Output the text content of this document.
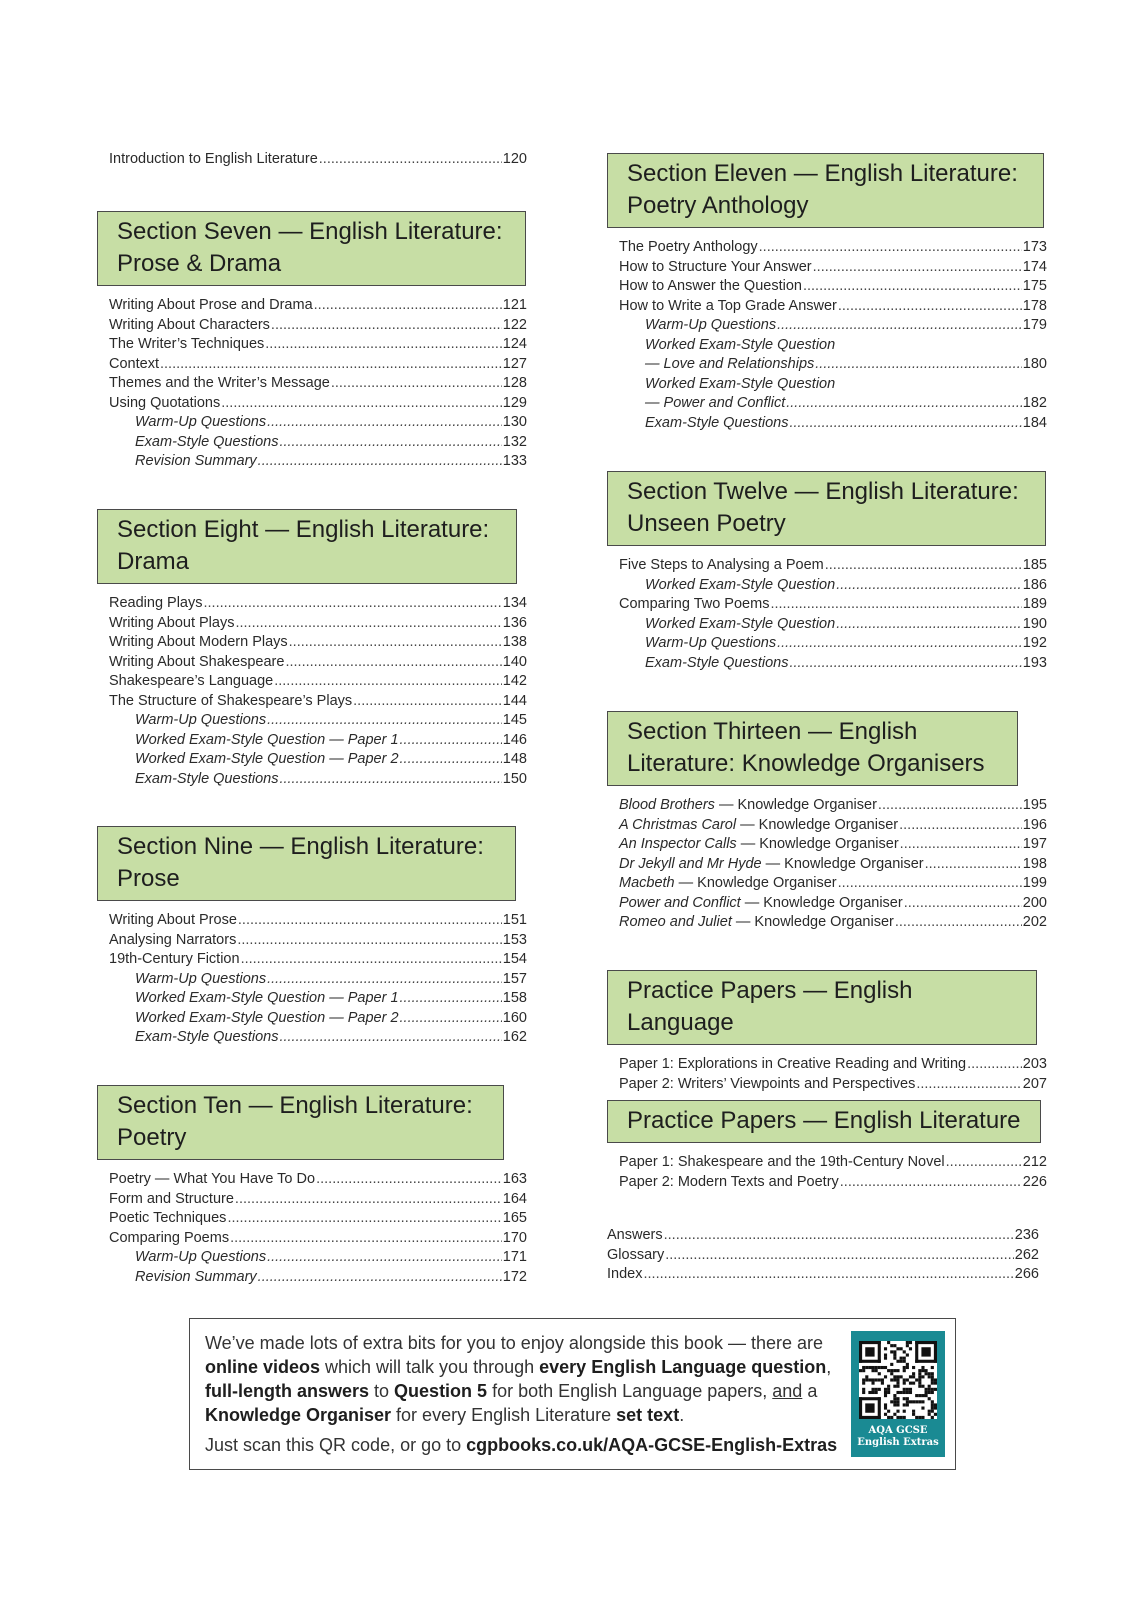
Introduction to English Literature .....	120
Section Seven — English Literature:
Prose & Drama
Writing About Prose and Drama .....	121
Writing About Characters .....	122
The Writer’s Techniques .....	124
Context .....	127
Themes and the Writer’s Message .....	128
Using Quotations .....	129
Warm-Up Questions .....	130
Exam-Style Questions .....	132
Revision Summary .....	133
Section Eight — English Literature:
Drama
Reading Plays .....	134
Writing About Plays .....	136
Writing About Modern Plays .....	138
Writing About Shakespeare .....	140
Shakespeare’s Language .....	142
The Structure of Shakespeare’s Plays .....	144
Warm-Up Questions .....	145
Worked Exam-Style Question — Paper 1 .....	146
Worked Exam-Style Question — Paper 2 .....	148
Exam-Style Questions .....	150
Section Nine — English Literature:
Prose
Writing About Prose .....	151
Analysing Narrators .....	153
19th-Century Fiction .....	154
Warm-Up Questions .....	157
Worked Exam-Style Question — Paper 1 .....	158
Worked Exam-Style Question — Paper 2 .....	160
Exam-Style Questions .....	162
Section Ten — English Literature:
Poetry
Poetry — What You Have To Do .....	163
Form and Structure .....	164
Poetic Techniques .....	165
Comparing Poems .....	170
Warm-Up Questions .....	171
Revision Summary .....	172
Section Eleven — English Literature:
Poetry Anthology
The Poetry Anthology .....	173
How to Structure Your Answer .....	174
How to Answer the Question .....	175
How to Write a Top Grade Answer .....	178
Warm-Up Questions .....	179
Worked Exam-Style Question
— Love and Relationships .....	180
Worked Exam-Style Question
— Power and Conflict .....	182
Exam-Style Questions .....	184
Section Twelve — English Literature:
Unseen Poetry
Five Steps to Analysing a Poem .....	185
Worked Exam-Style Question .....	186
Comparing Two Poems .....	189
Worked Exam-Style Question .....	190
Warm-Up Questions .....	192
Exam-Style Questions .....	193
Section Thirteen — English
Literature: Knowledge Organisers
Blood Brothers — Knowledge Organiser .....	195
A Christmas Carol — Knowledge Organiser .....	196
An Inspector Calls — Knowledge Organiser .....	197
Dr Jekyll and Mr Hyde — Knowledge Organiser .....	198
Macbeth — Knowledge Organiser .....	199
Power and Conflict — Knowledge Organiser .....	200
Romeo and Juliet — Knowledge Organiser .....	202
Practice Papers — English Language
Paper 1: Explorations in Creative Reading and Writing .....	203
Paper 2: Writers’ Viewpoints and Perspectives .....	207
Practice Papers — English Literature
Paper 1: Shakespeare and the 19th-Century Novel .....	212
Paper 2: Modern Texts and Poetry .....	226
Answers .....	236
Glossary .....	262
Index .....	266
We’ve made lots of extra bits for you to enjoy alongside this book — there are online videos which will talk you through every English Language question, full-length answers to Question 5 for both English Language papers, and a Knowledge Organiser for every English Literature set text.
Just scan this QR code, or go to cgpbooks.co.uk/AQA-GCSE-English-Extras
AQA GCSE
English Extras
